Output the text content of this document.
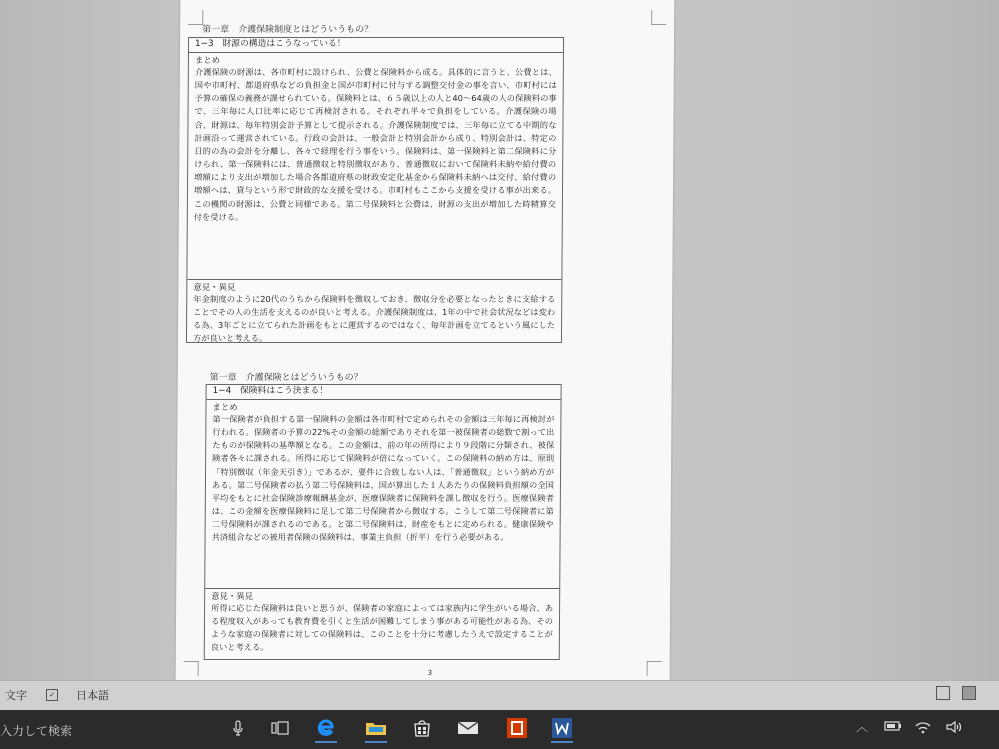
第一章　介護保険制度とはどういうもの？
1−3　財源の構造はこうなっている！
まとめ
介護保険の財源は、各市町村に設けられ、公費と保険料から成る。具体的に言うと、公費とは、国や市町村、都道府県などの負担金と国が市町村に付与する調整交付金の事を言い、市町村には予算の確保の義務が課せられている。保険料とは、６５歳以上の人と40〜64歳の人の保険料の事で、三年毎に人口比率に応じて再検討される。それぞれ半々で負担をしている。介護保険の場合、財源は、毎年特別会計予算として提示される。介護保険制度では、三年毎に立てる中期的な計画沿って運営されている。行政の会計は、一般会計と特別会計から成り、特別会計は、特定の目的の為の会計を分離し、各々で経理を行う事をいう。保険料は、第一保険料と第二保険料に分けられ、第一保険料には、普通徴収と特別徴収があり、普通徴収において保険料未納や給付費の増額により支出が増加した場合各都道府県の財政安定化基金から保険料未納へは交付、給付費の増額へは、貸与という形で財政的な支援を受ける。市町村もここから支援を受ける事が出来る。この機関の財源は、公費と同様である。第二号保険料と公費は、財源の支出が増加した時精算交付を受ける。
意見・異見
年金制度のように20代のうちから保険料を徴収しておき、徴収分を必要となったときに支給することでその人の生活を支えるのが良いと考える。介護保険制度は、1年の中で社会状況などは変わる為、3年ごとに立てられた計画をもとに運営するのではなく、毎年計画を立てるという風にした方が良いと考える。
第一章　介護保険とはどういうもの？
1−4　保険料はこう決まる！
まとめ
第一保険者が負担する第一保険料の金額は各市町村で定められその金額は三年毎に再検討が行われる。保険者の予算の22%その金額の総額でありそれを第一被保険者の総数で割って出たものが保険料の基準額となる。この金額は、前の年の所得により９段階に分類され、被保険者各々に課される。所得に応じて保険料が倍になっていく。この保険料の納め方は、原則「特別徴収（年金天引き）」であるが、要件に合致しない人は、「普通徴収」という納め方がある。第二号保険者の払う第二号保険料は、国が算出した１人あたりの保険料負担額の全国平均をもとに社会保険診療報酬基金が、医療保険者に保険料を課し徴収を行う。医療保険者は、この金額を医療保険料に足して第二号保険者から徴収する。こうして第二号保険者に第二号保険料が課されるのである。と第二号保険料は、財産をもとに定められる。健康保険や共済組合などの被用者保険の保険料は、事業主負担（折半）を行う必要がある。
意見・異見
所得に応じた保険料は良いと思うが、保険者の家庭によっては家族内に学生がいる場合、ある程度収入があっても教育費を引くと生活が困難してしまう事がある可能性がある為、そのような家庭の保険者に対しての保険料は、このことを十分に考慮したうえで設定することが良いと考える。
3
文字	✓ 日本語
入力して検索	︿
